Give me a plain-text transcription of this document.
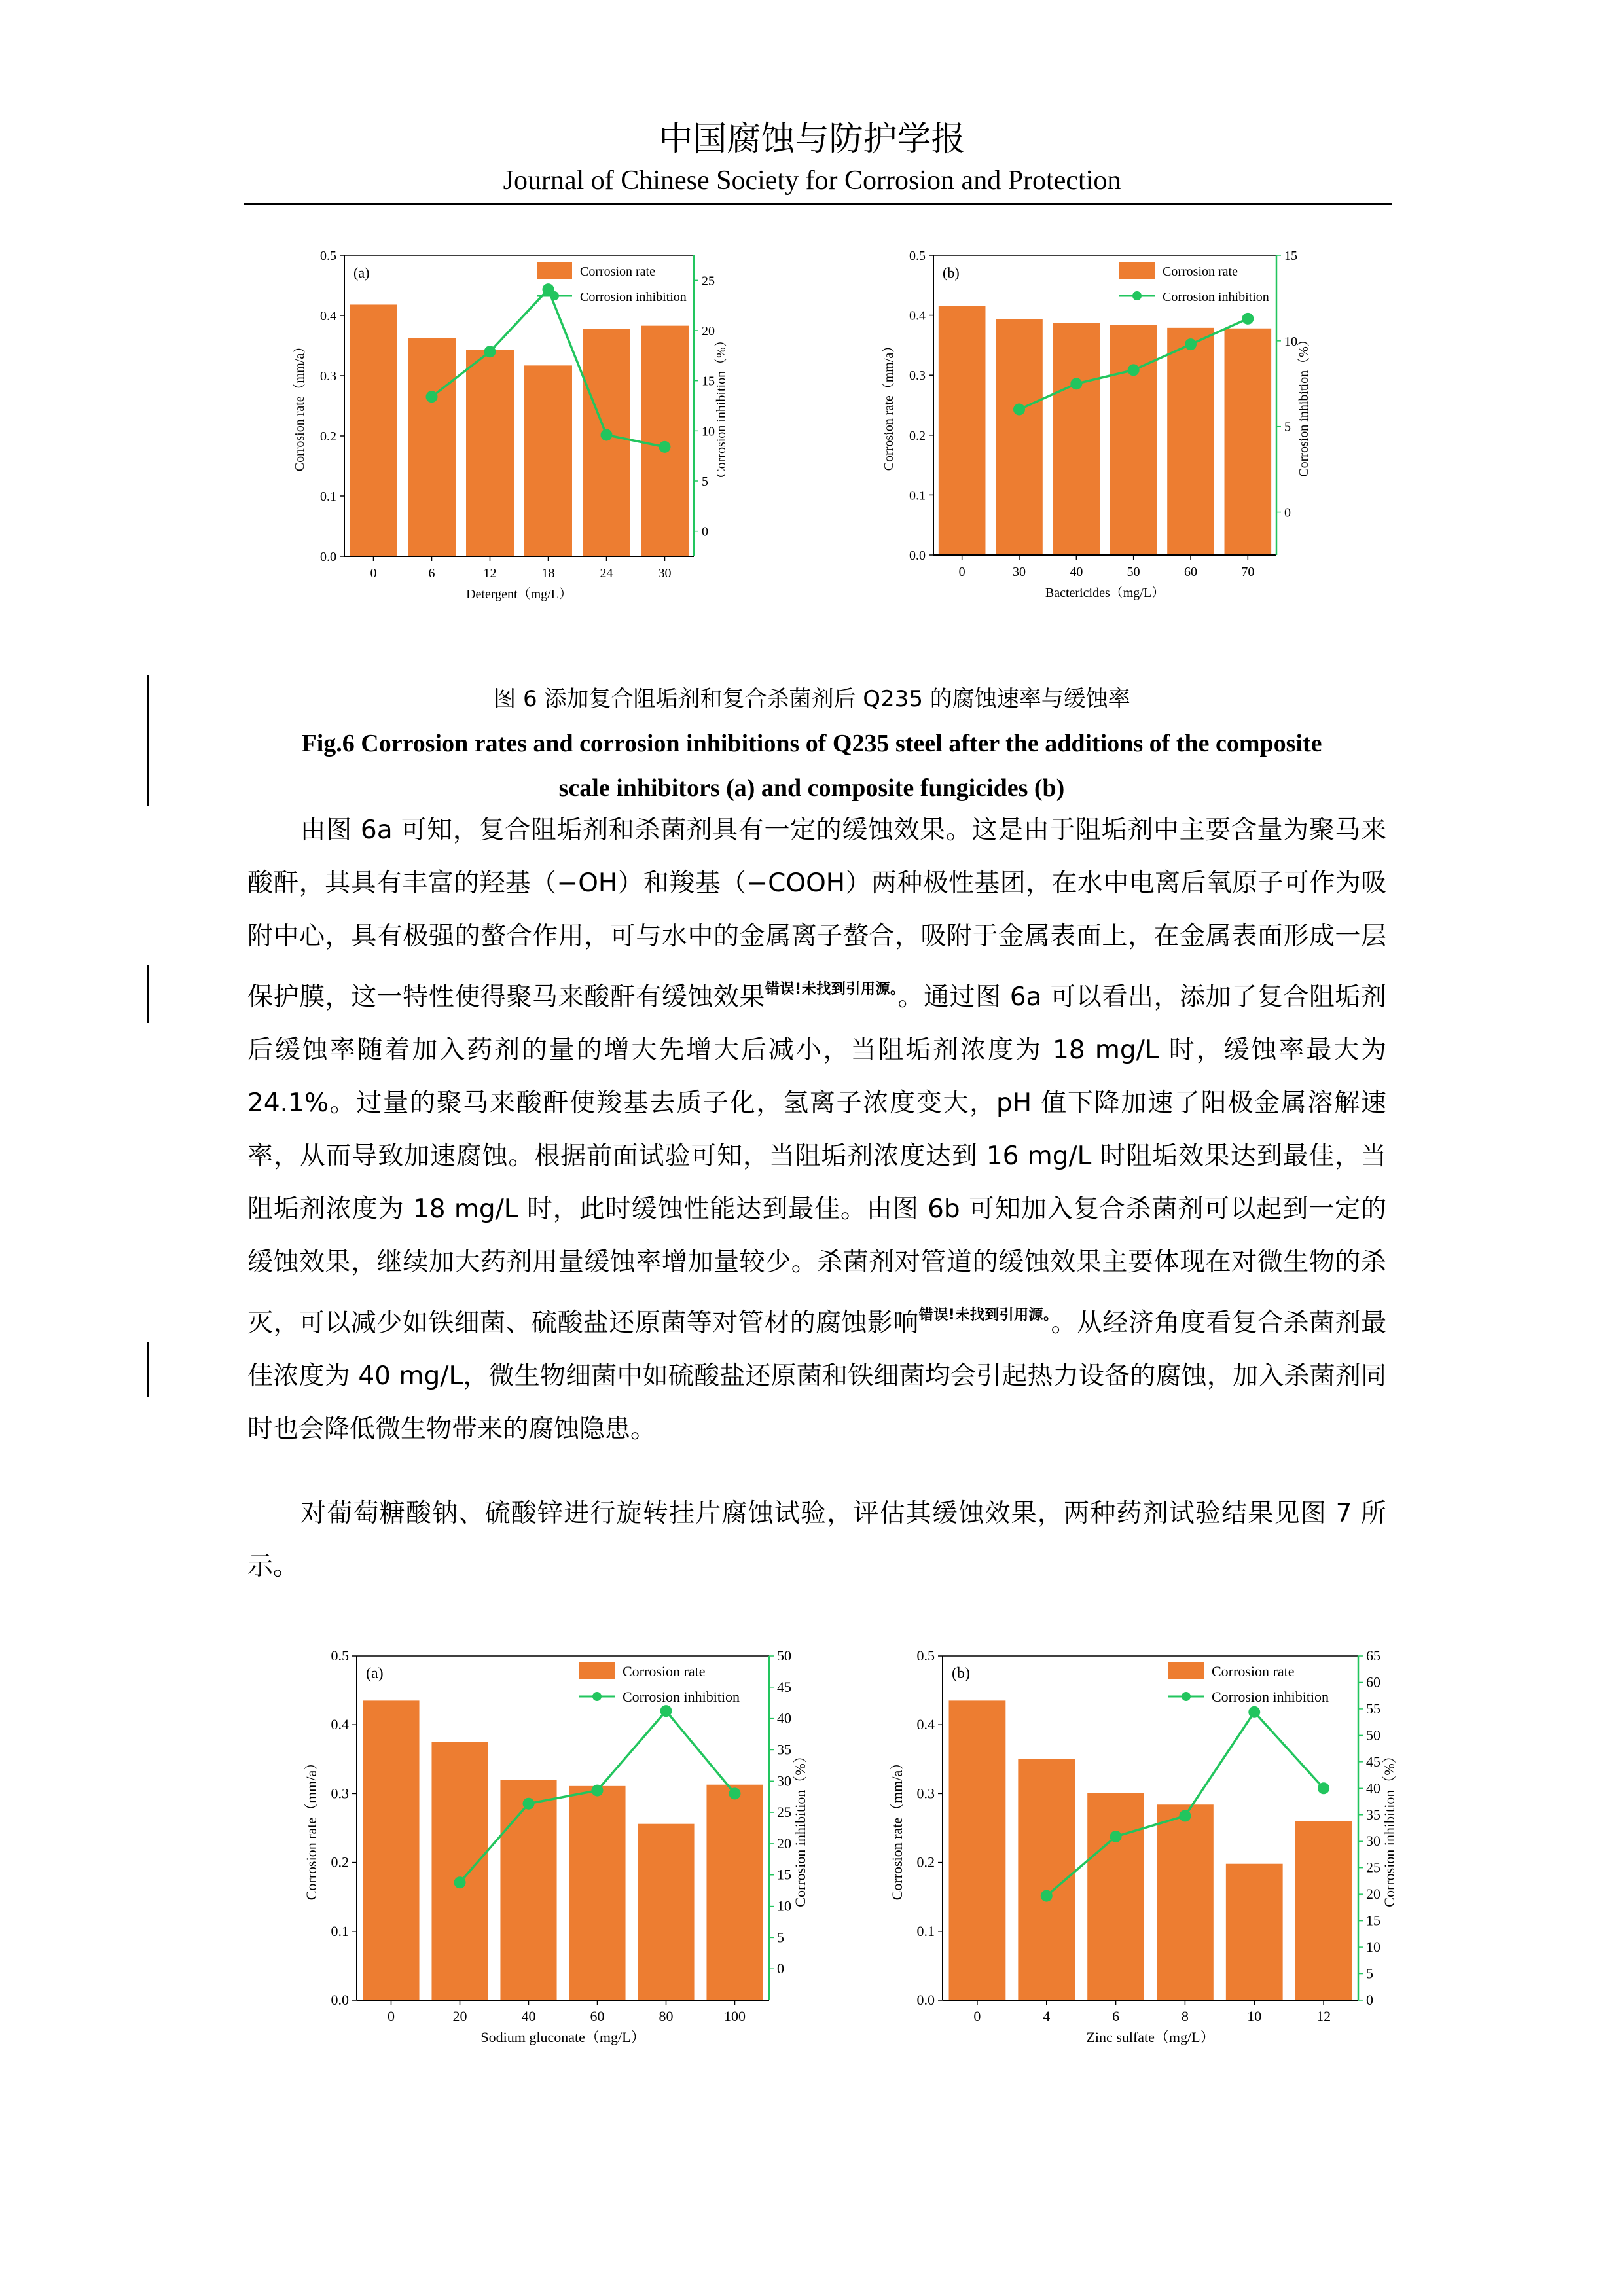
中国腐蚀与防护学报
Journal of Chinese Society for Corrosion and Protection
0.0
0.1
0.2
0.3
0.4
0.5
0
5
10
15
20
25
0	6	12	18	24	30
Detergent（mg/L）
Corrosion rate（mm/a）	Corrosion inhibition（%）
(a)	Corrosion rate
Corrosion inhibition
0.0
0.1
0.2
0.3
0.4
0.5
0
5
10
15
0	30	40	50	60	70
Bactericides（mg/L）
Corrosion rate（mm/a）	Corrosion inhibition（%）
(b)	Corrosion rate
Corrosion inhibition
图 6 添加复合阻垢剂和复合杀菌剂后 Q235 的腐蚀速率与缓蚀率
Fig.6 Corrosion rates and corrosion inhibitions of Q235 steel after the additions of the composite scale inhibitors (a) and composite fungicides (b)

由图 6a 可知，复合阻垢剂和杀菌剂具有一定的缓蚀效果。这是由于阻垢剂中主要含量为聚马来酸酐，其具有丰富的羟基（−OH）和羧基（−COOH）两种极性基团，在水中电离后氧原子可作为吸附中心，具有极强的螯合作用，可与水中的金属离子螯合，吸附于金属表面上，在金属表面形成一层保护膜，这一特性使得聚马来酸酐有缓蚀效果$^{错误!未找到引用源。}$。通过图 6a 可以看出，添加了复合阻垢剂后缓蚀率随着加入药剂的量的增大先增大后减小，当阻垢剂浓度为 18 mg/L 时，缓蚀率最大为 24.1%。过量的聚马来酸酐使羧基去质子化，氢离子浓度变大，pH 值下降加速了阳极金属溶解速率，从而导致加速腐蚀。根据前面试验可知，当阻垢剂浓度达到 16 mg/L 时阻垢效果达到最佳，当阻垢剂浓度为 18 mg/L 时，此时缓蚀性能达到最佳。由图 6b 可知加入复合杀菌剂可以起到一定的缓蚀效果，继续加大药剂用量缓蚀率增加量较少。杀菌剂对管道的缓蚀效果主要体现在对微生物的杀灭，可以减少如铁细菌、硫酸盐还原菌等对管材的腐蚀影响$^{错误!未找到引用源。}$。从经济角度看复合杀菌剂最佳浓度为 40 mg/L，微生物细菌中如硫酸盐还原菌和铁细菌均会引起热力设备的腐蚀，加入杀菌剂同时也会降低微生物带来的腐蚀隐患。

对葡萄糖酸钠、硫酸锌进行旋转挂片腐蚀试验，评估其缓蚀效果，两种药剂试验结果见图 7 所示。

0.0
0.1
0.2
0.3
0.4
0.5
0
5
10
15
20
25
30
35
40
45
50
0	20	40	60	80	100
Sodium gluconate（mg/L）
Corrosion rate（mm/a）	Corrosion inhibition（%）
(a)	Corrosion rate
Corrosion inhibition
0.0
0.1
0.2
0.3
0.4
0.5
0
5
10
15
20
25
30
35
40
45
50
55
60
65
0	4	6	8	10	12
Zinc sulfate（mg/L）
Corrosion rate（mm/a）	Corrosion inhibition（%）
(b)	Corrosion rate
Corrosion inhibition
